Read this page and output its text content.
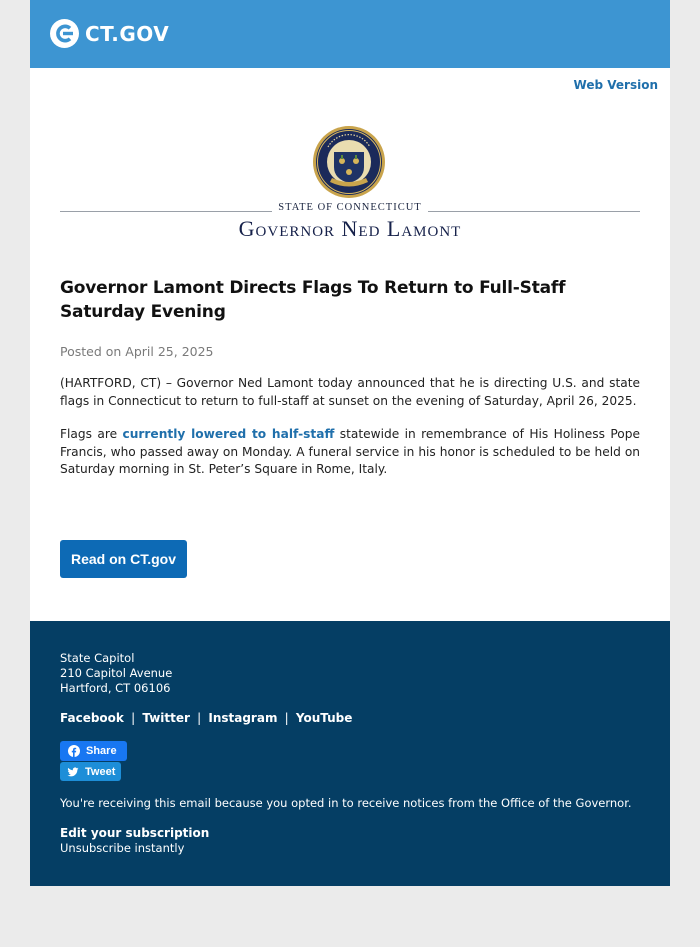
CT.GOV
Web Version
STATE OF CONNECTICUT
Governor Ned Lamont
Governor Lamont Directs Flags To Return to Full-Staff Saturday Evening
Posted on April 25, 2025

(HARTFORD, CT) – Governor Ned Lamont today announced that he is directing U.S. and state flags in Connecticut to return to full-staff at sunset on the evening of Saturday, April 26, 2025.

Flags are currently lowered to half-staff statewide in remembrance of His Holiness Pope Francis, who passed away on Monday. A funeral service in his honor is scheduled to be held on Saturday morning in St. Peter’s Square in Rome, Italy.

Read on CT.gov
State Capitol
210 Capitol Avenue
Hartford, CT 06106
Facebook | Twitter | Instagram | YouTube
Share
Tweet
You're receiving this email because you opted in to receive notices from the Office of the Governor.
Edit your subscription
Unsubscribe instantly
